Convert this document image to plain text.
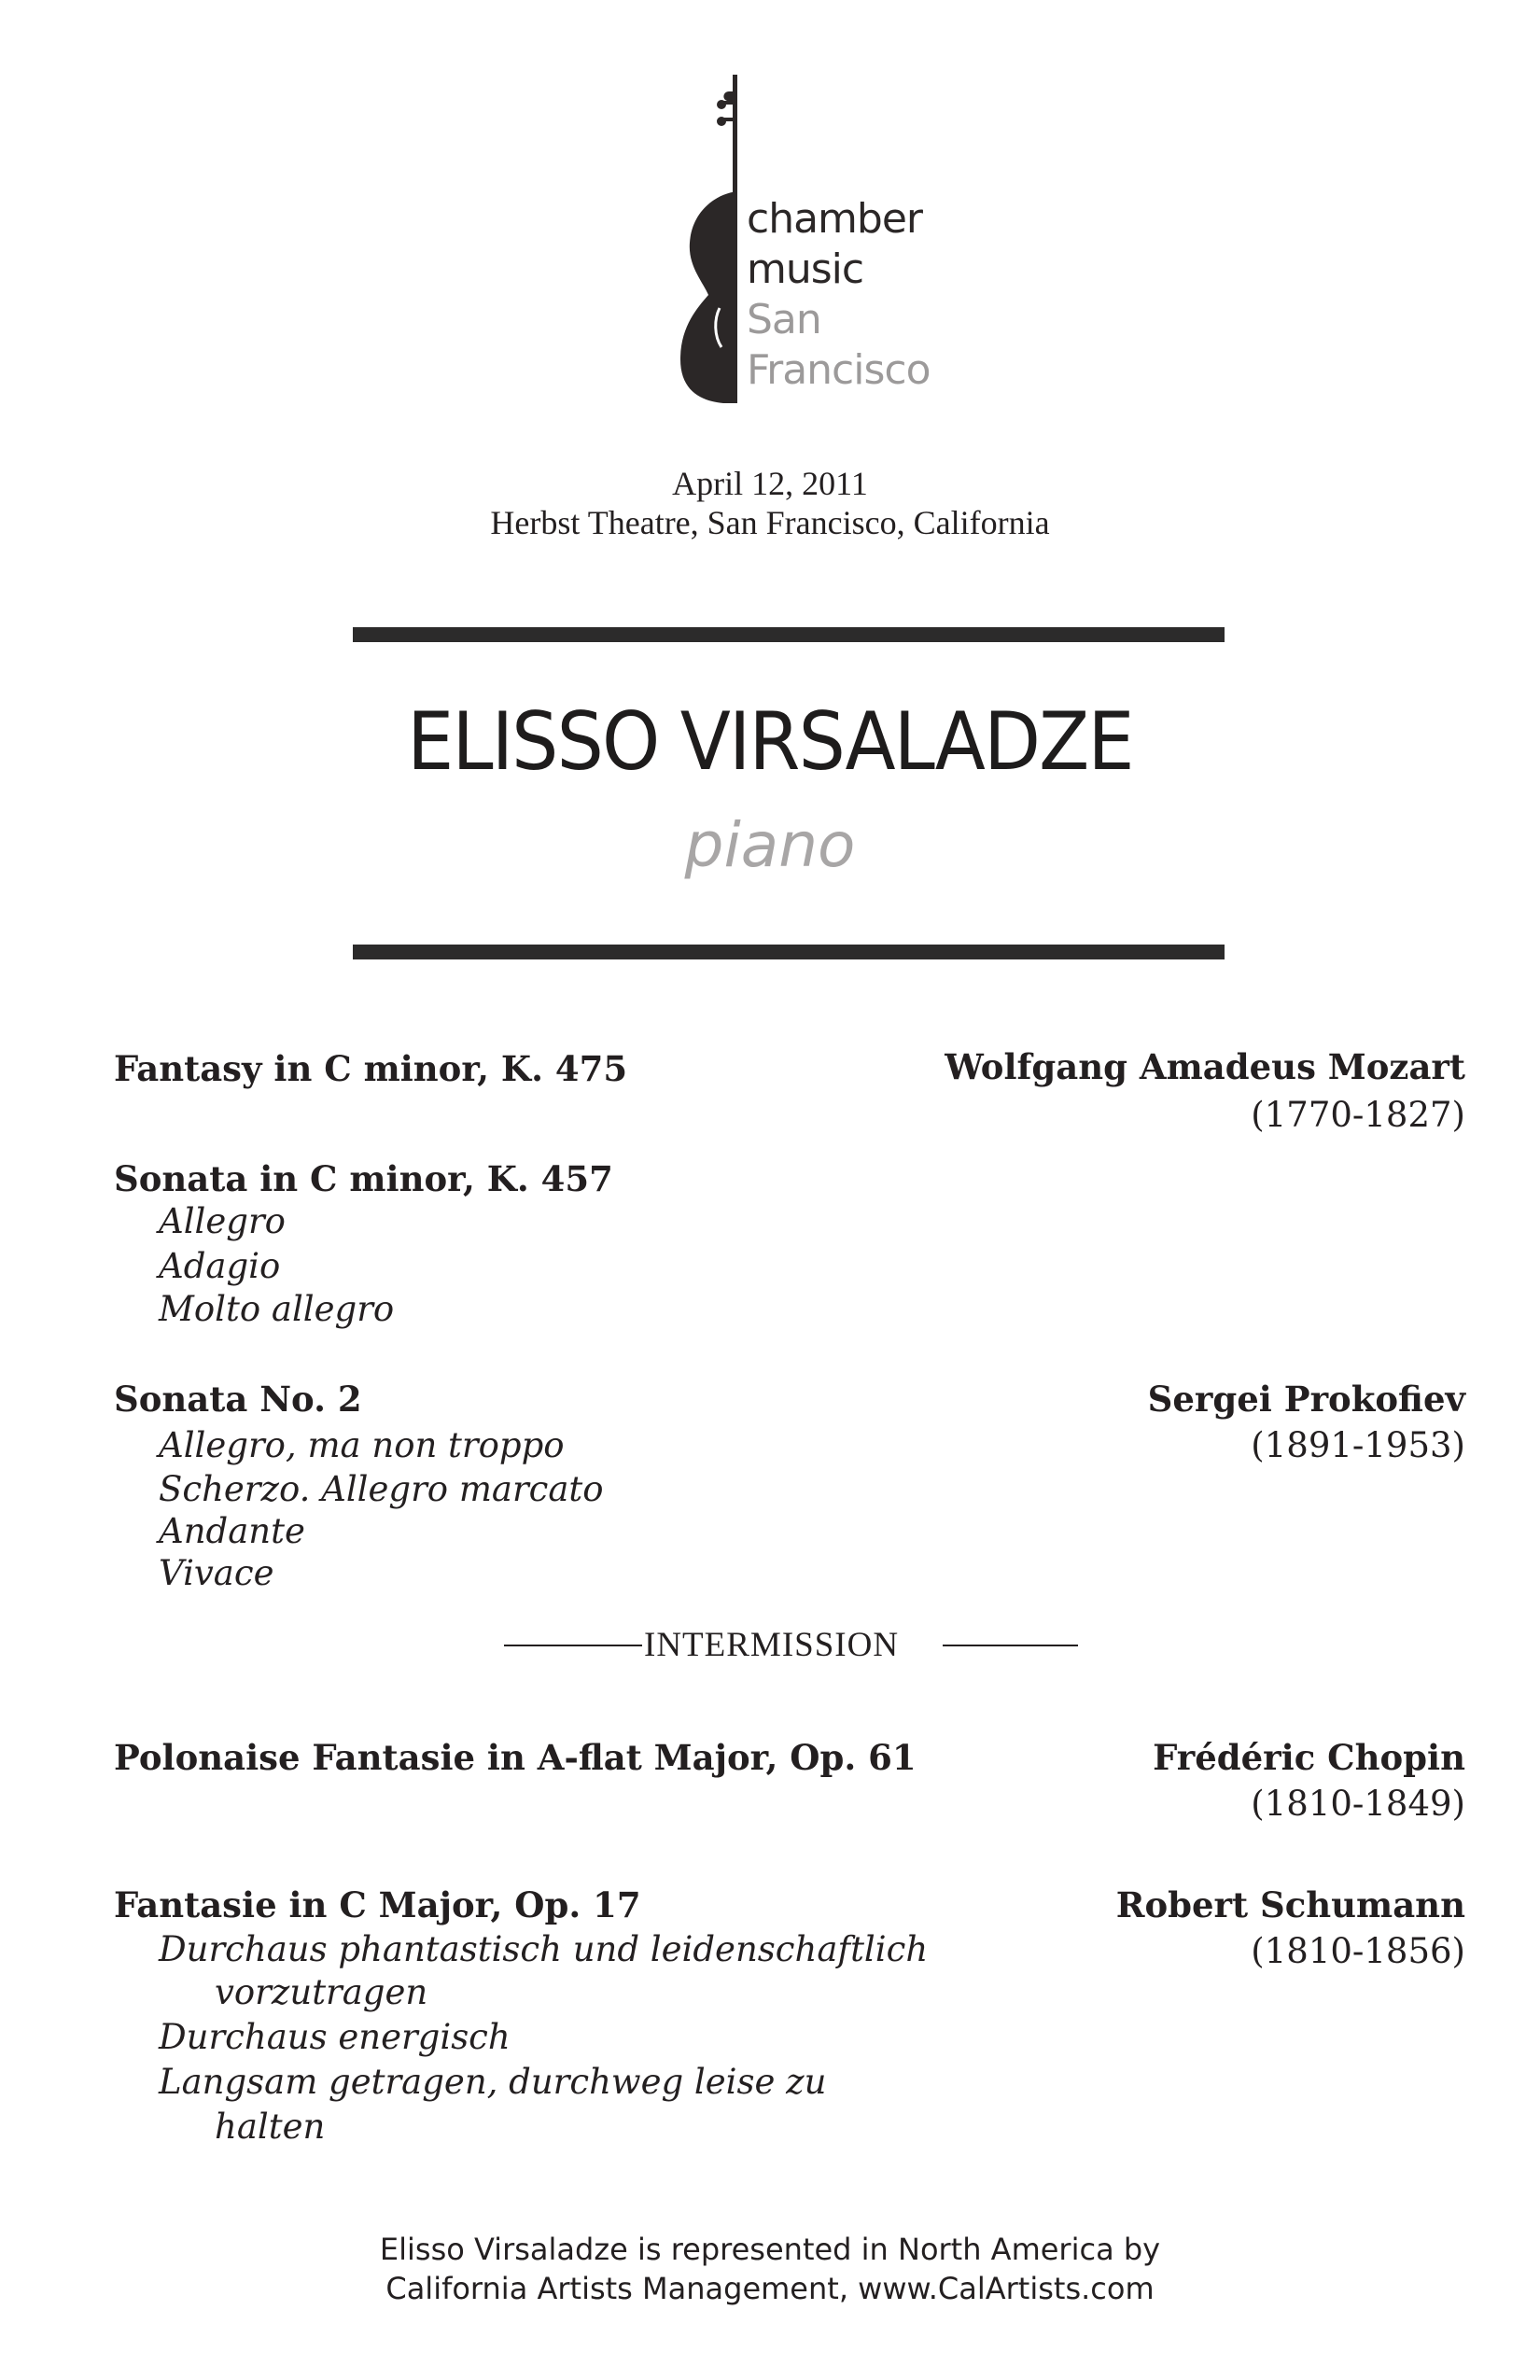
chamber
music
San
Francisco
April 12, 2011
Herbst Theatre, San Francisco, California
ELISSO VIRSALADZE
piano
Fantasy in C minor, K. 475	Wolfgang Amadeus Mozart
(1770-1827)
Sonata in C minor, K. 457
Allegro
Adagio
Molto allegro
Sonata No. 2	Sergei Prokofiev
(1891-1953)
Allegro, ma non troppo
Scherzo. Allegro marcato
Andante
Vivace
INTERMISSION
Polonaise Fantasie in A-flat Major, Op. 61	Frédéric Chopin
(1810-1849)
Fantasie in C Major, Op. 17	Robert Schumann
(1810-1856)
Durchaus phantastisch und leidenschaftlich
vorzutragen
Durchaus energisch
Langsam getragen, durchweg leise zu
halten
Elisso Virsaladze is represented in North America by
California Artists Management, www.CalArtists.com
